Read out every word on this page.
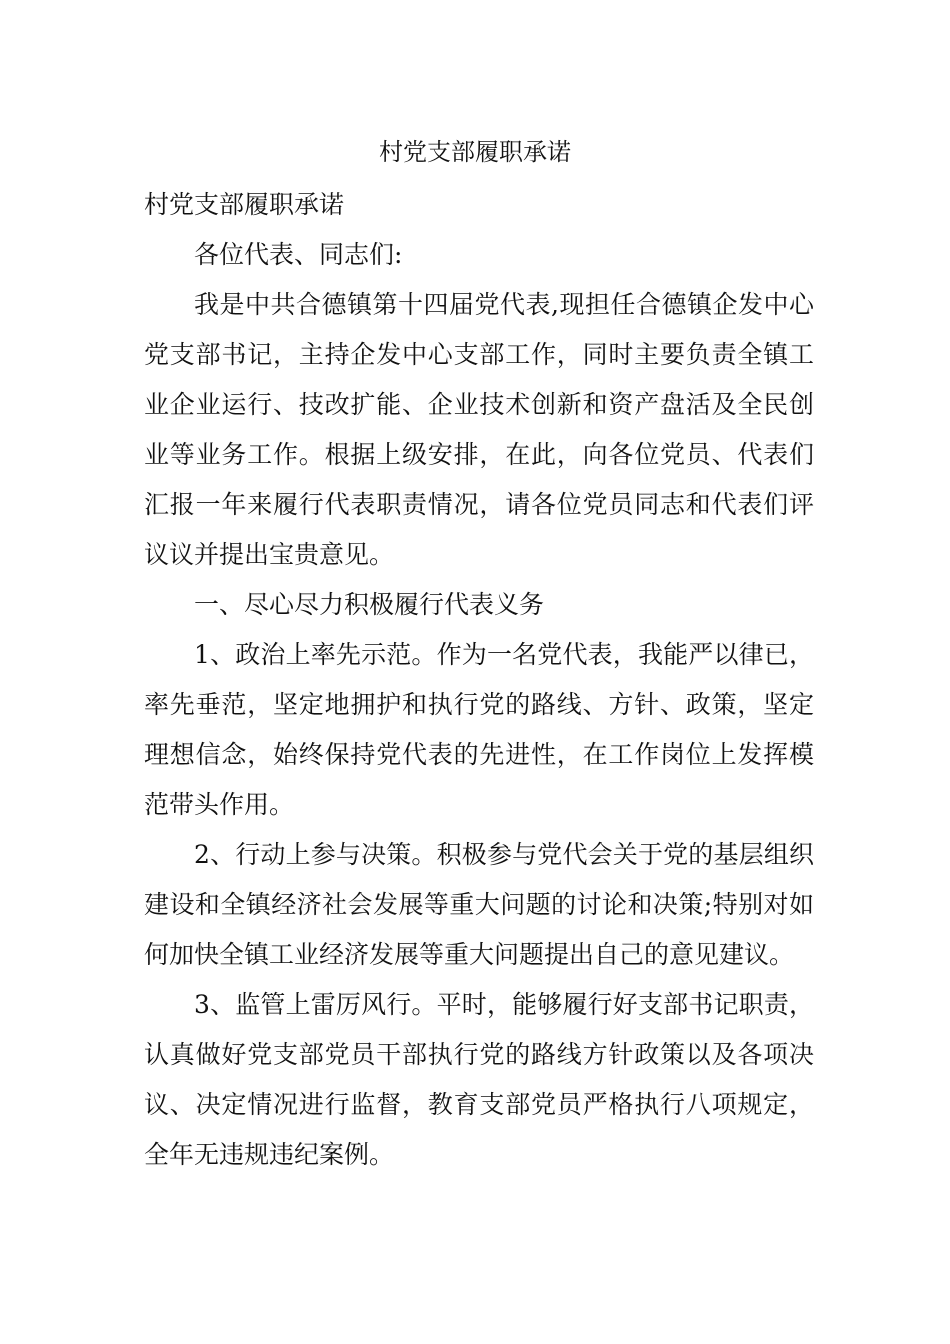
村党支部履职承诺

村党支部履职承诺

各位代表、同志们:

我是中共合德镇第十四届党代表,现担任合德镇企发中心党支部书记，主持企发中心支部工作，同时主要负责全镇工业企业运行、技改扩能、企业技术创新和资产盘活及全民创业等业务工作。根据上级安排，在此，向各位党员、代表们汇报一年来履行代表职责情况，请各位党员同志和代表们评议议并提出宝贵意见。

一、尽心尽力积极履行代表义务

1、政治上率先示范。作为一名党代表，我能严以律已，率先垂范，坚定地拥护和执行党的路线、方针、政策，坚定理想信念，始终保持党代表的先进性，在工作岗位上发挥模范带头作用。

2、行动上参与决策。积极参与党代会关于党的基层组织建设和全镇经济社会发展等重大问题的讨论和决策;特别对如何加快全镇工业经济发展等重大问题提出自己的意见建议。

3、监管上雷厉风行。平时，能够履行好支部书记职责，认真做好党支部党员干部执行党的路线方针政策以及各项决议、决定情况进行监督，教育支部党员严格执行八项规定，全年无违规违纪案例。
